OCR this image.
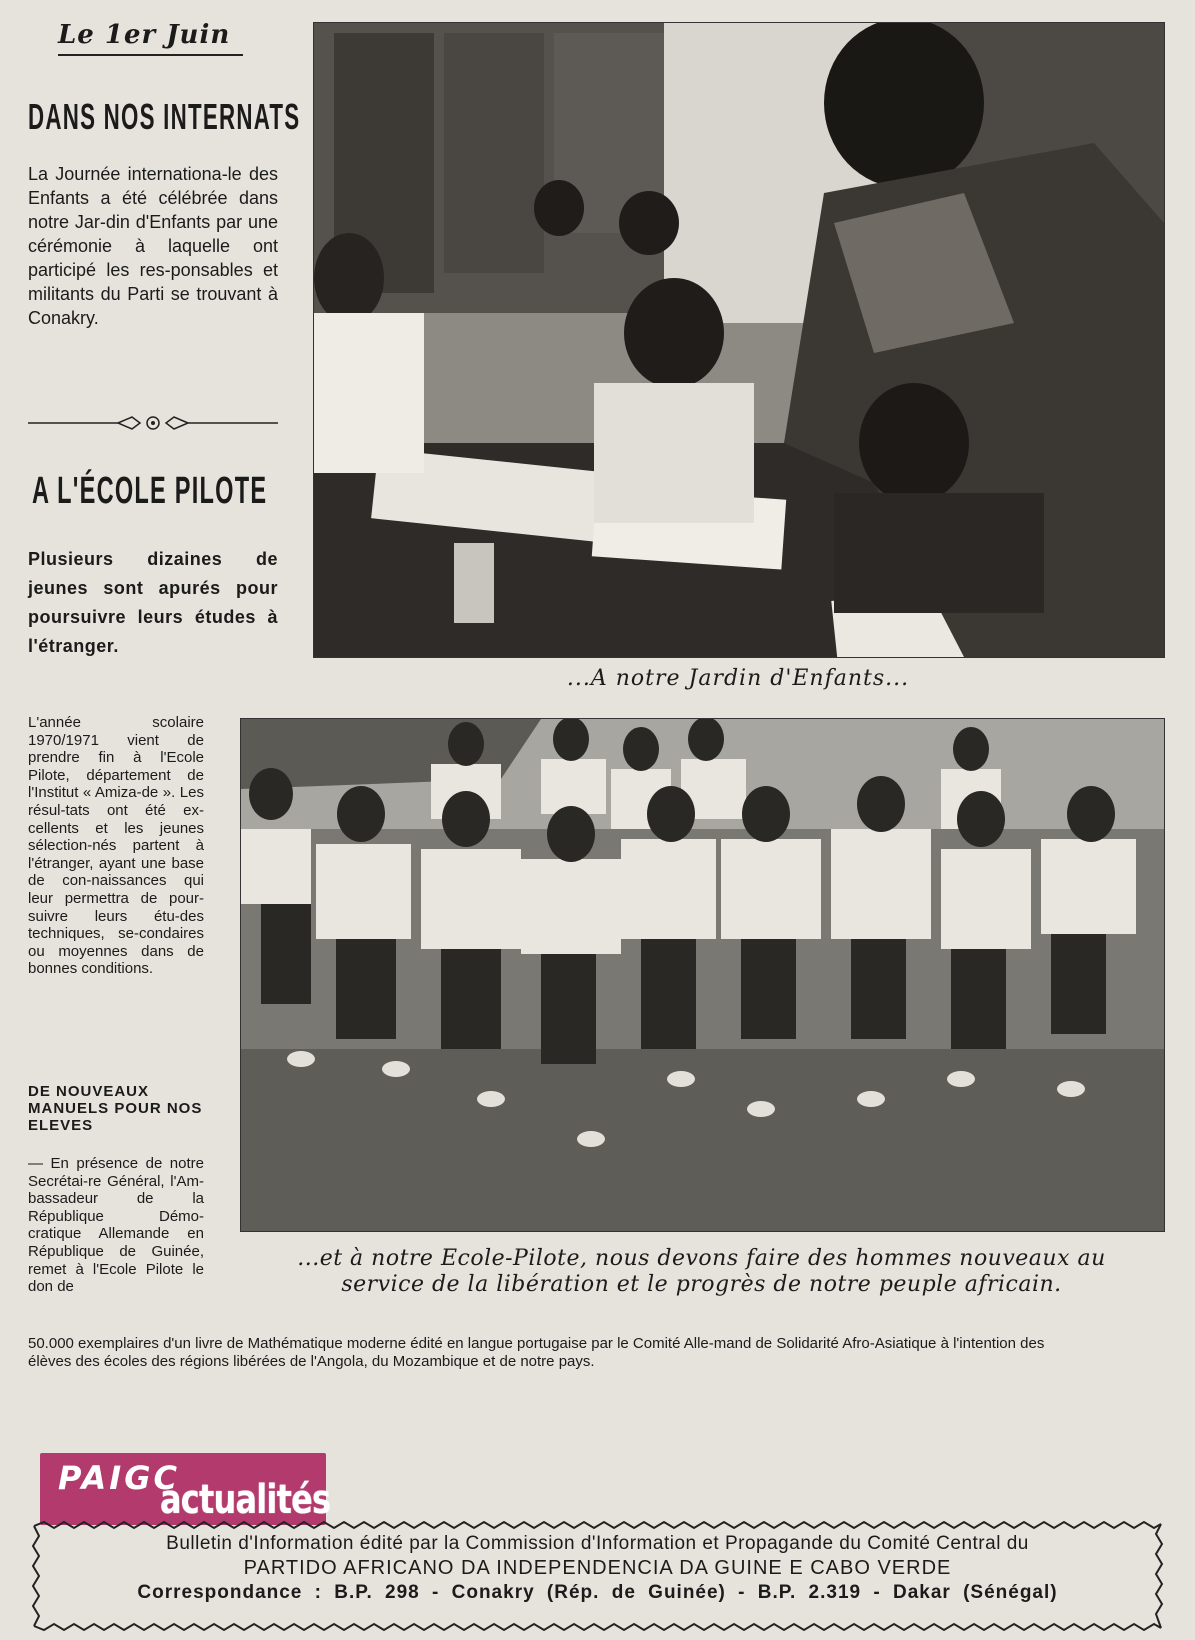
Le 1er Juin
DANS NOS INTERNATS
La Journée internationa-le des Enfants a été célébrée dans notre Jar-din d'Enfants par une cérémonie à laquelle ont participé les res-ponsables et militants du Parti se trouvant à Conakry.
A L'ÉCOLE PILOTE
Plusieurs dizaines de jeunes sont apurés pour poursuivre leurs études à l'étranger.
L'année scolaire 1970/1971 vient de prendre fin à l'Ecole Pilote, département de l'Institut « Amiza-de ». Les résul-tats ont été ex-cellents et les jeunes sélection-nés partent à l'étranger, ayant une base de con-naissances qui leur permettra de pour-suivre leurs étu-des techniques, se-condaires ou moyennes dans de bonnes conditions.
DE NOUVEAUX MANUELS POUR NOS ELEVES
— En présence de notre Secrétai-re Général, l'Am-bassadeur de la République Démo-cratique Allemande en République de Guinée, remet à l'Ecole Pilote le don de
50.000 exemplaires d'un livre de Mathématique moderne édité en langue portugaise par le Comité Alle-mand de Solidarité Afro-Asiatique à l'intention des élèves des écoles des régions libérées de l'Angola, du Mozambique et de notre pays.
...A notre Jardin d'Enfants...
...et à notre Ecole-Pilote, nous devons faire des hommes nouveaux au
service de la libération et le progrès de notre peuple africain.
PAIGC
actualités
Bulletin d'Information édité par la Commission d'Information et Propagande du Comité Central du
PARTIDO AFRICANO DA INDEPENDENCIA DA GUINE E CABO VERDE
Correspondance : B.P. 298 - Conakry (Rép. de Guinée) - B.P. 2.319 - Dakar (Sénégal)
